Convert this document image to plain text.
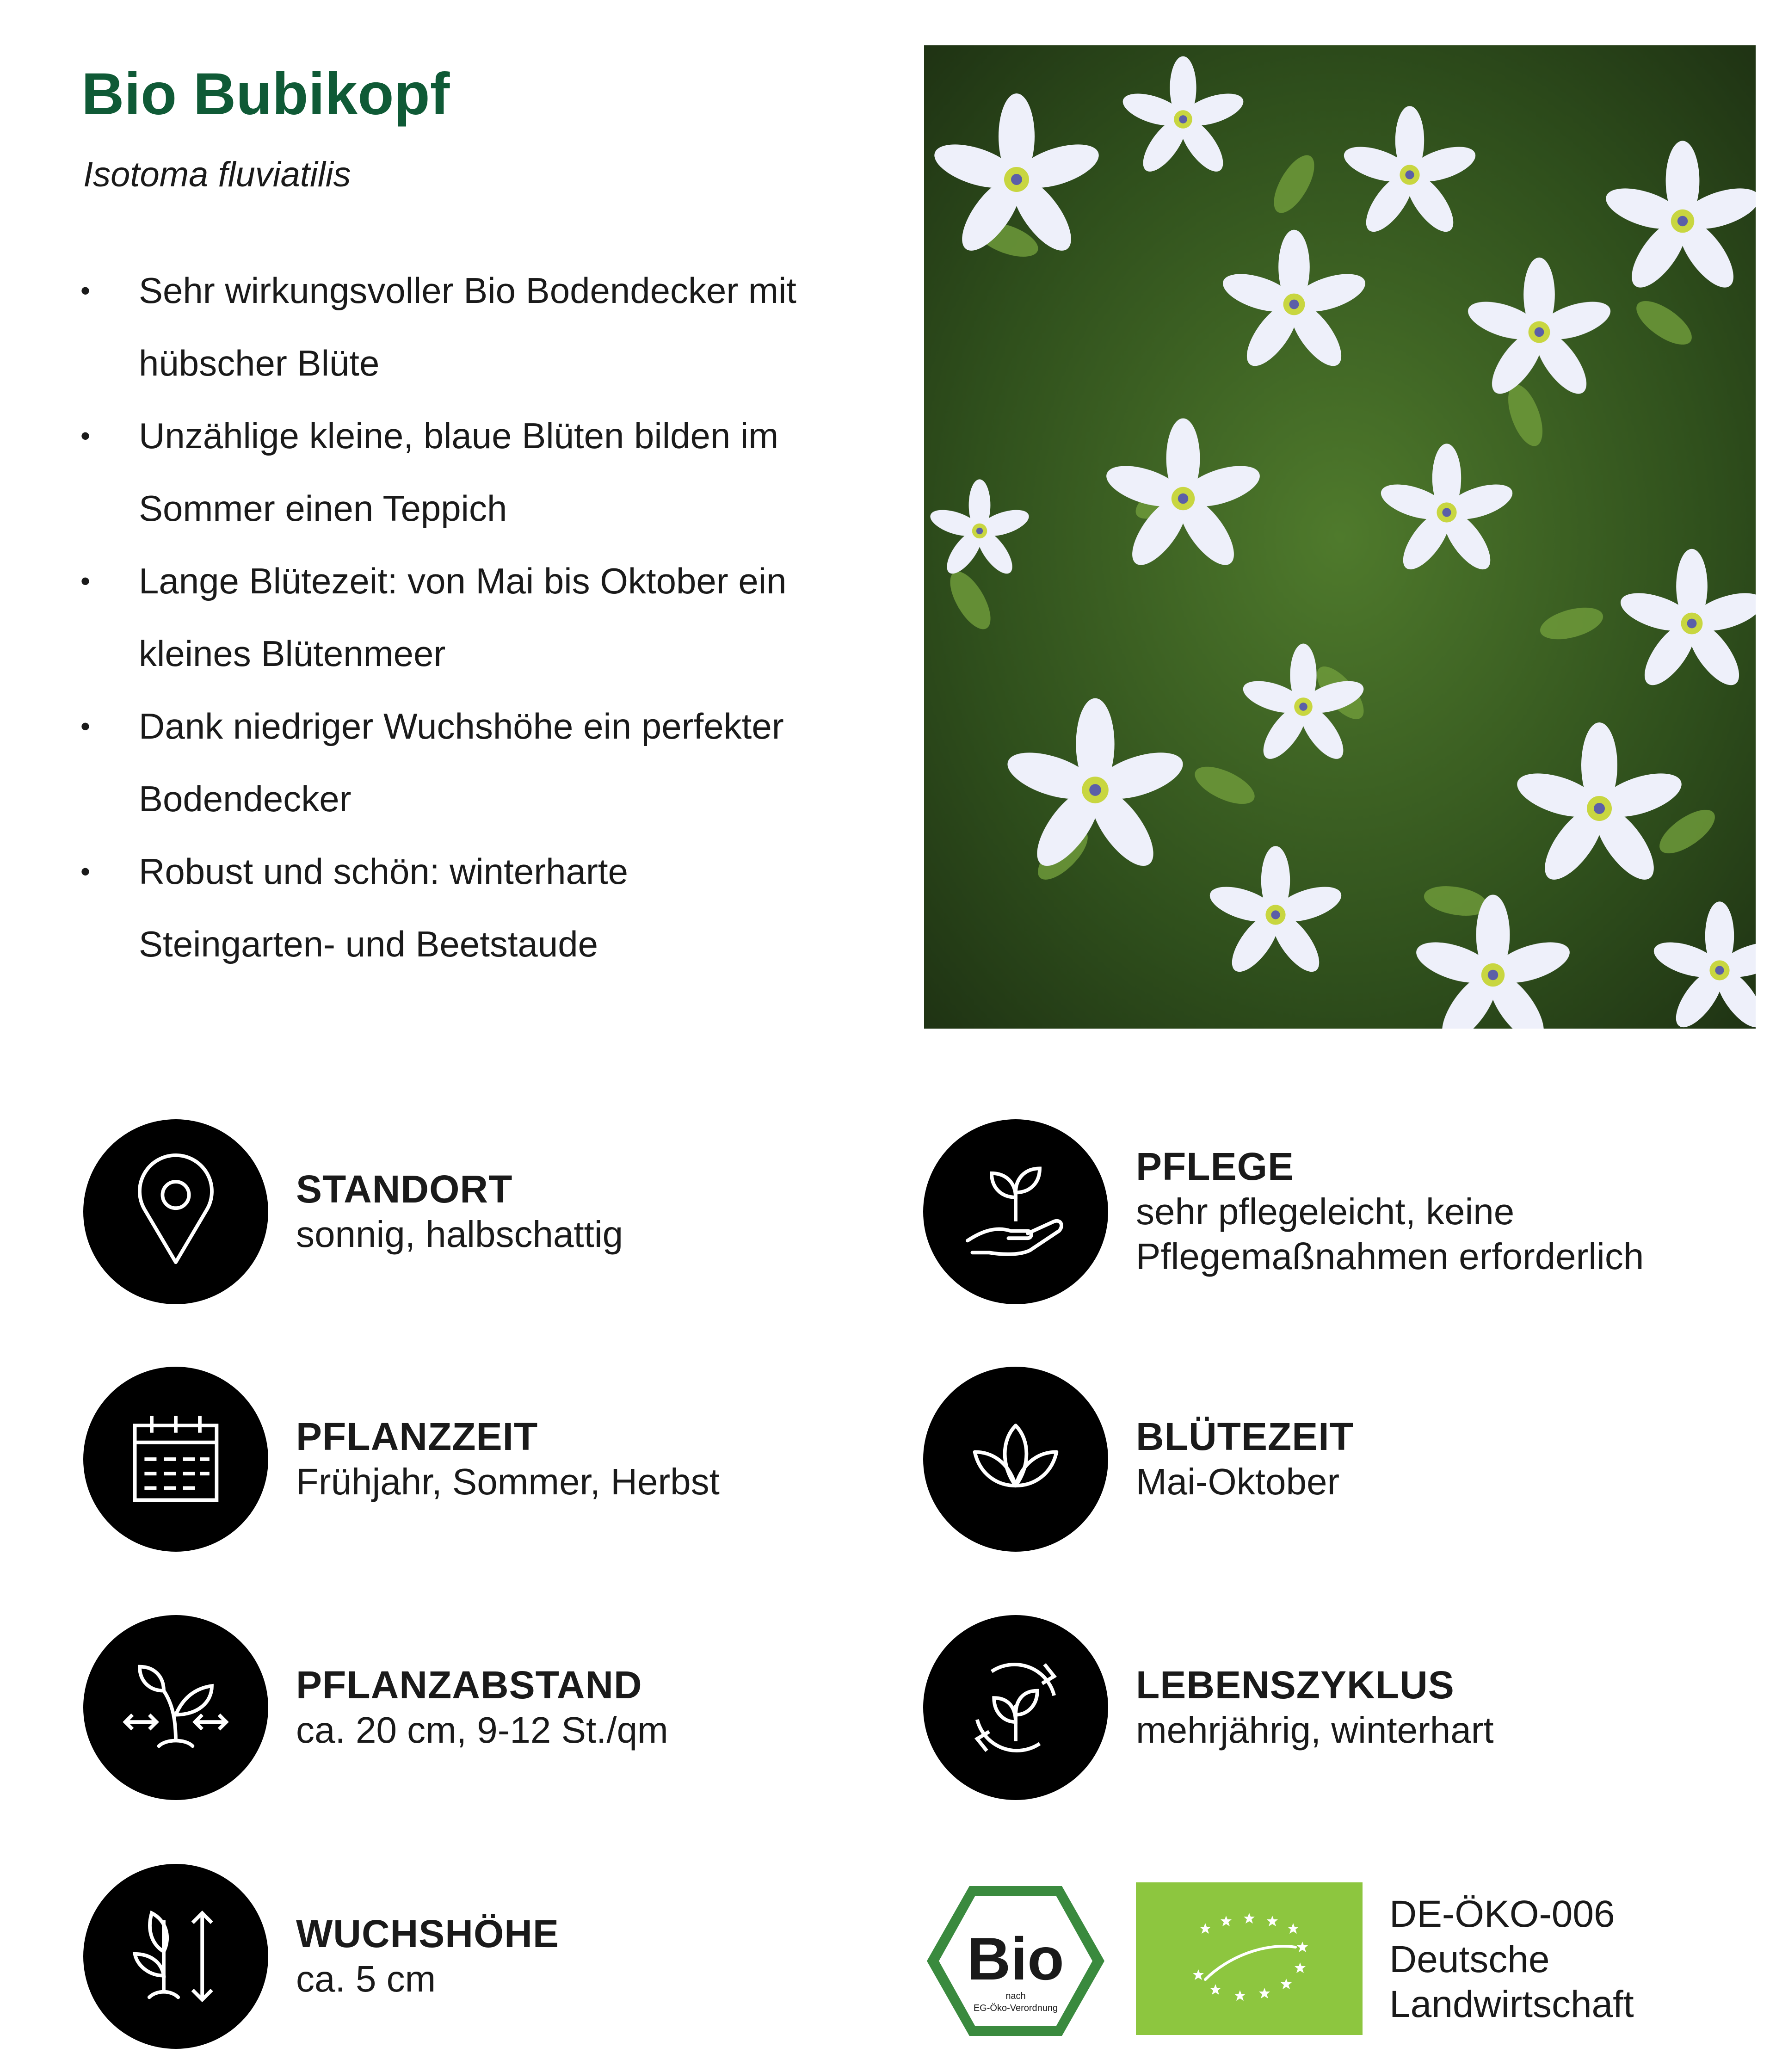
Bio Bubikopf

Isotoma fluviatilis

• Sehr wirkungsvoller Bio Bodendecker mit
hübscher Blüte
• Unzählige kleine, blaue Blüten bilden im
Sommer einen Teppich
• Lange Blütezeit: von Mai bis Oktober ein
kleines Blütenmeer
• Dank niedriger Wuchshöhe ein perfekter
Bodendecker
• Robust und schön: winterharte
Steingarten- und Beetstaude
STANDORT
sonnig, halbschattig
PFLEGE
sehr pflegeleicht, keine
Pflegemaßnahmen erforderlich
PFLANZZEIT
Frühjahr, Sommer, Herbst
BLÜTEZEIT
Mai-Oktober
PFLANZABSTAND
ca. 20 cm, 9-12 St./qm
LEBENSZYKLUS
mehrjährig, winterhart
WUCHSHÖHE
ca. 5 cm	Bio
nach
EG-Öko-Verordnung
DE-ÖKO-006
Deutsche
Landwirtschaft
